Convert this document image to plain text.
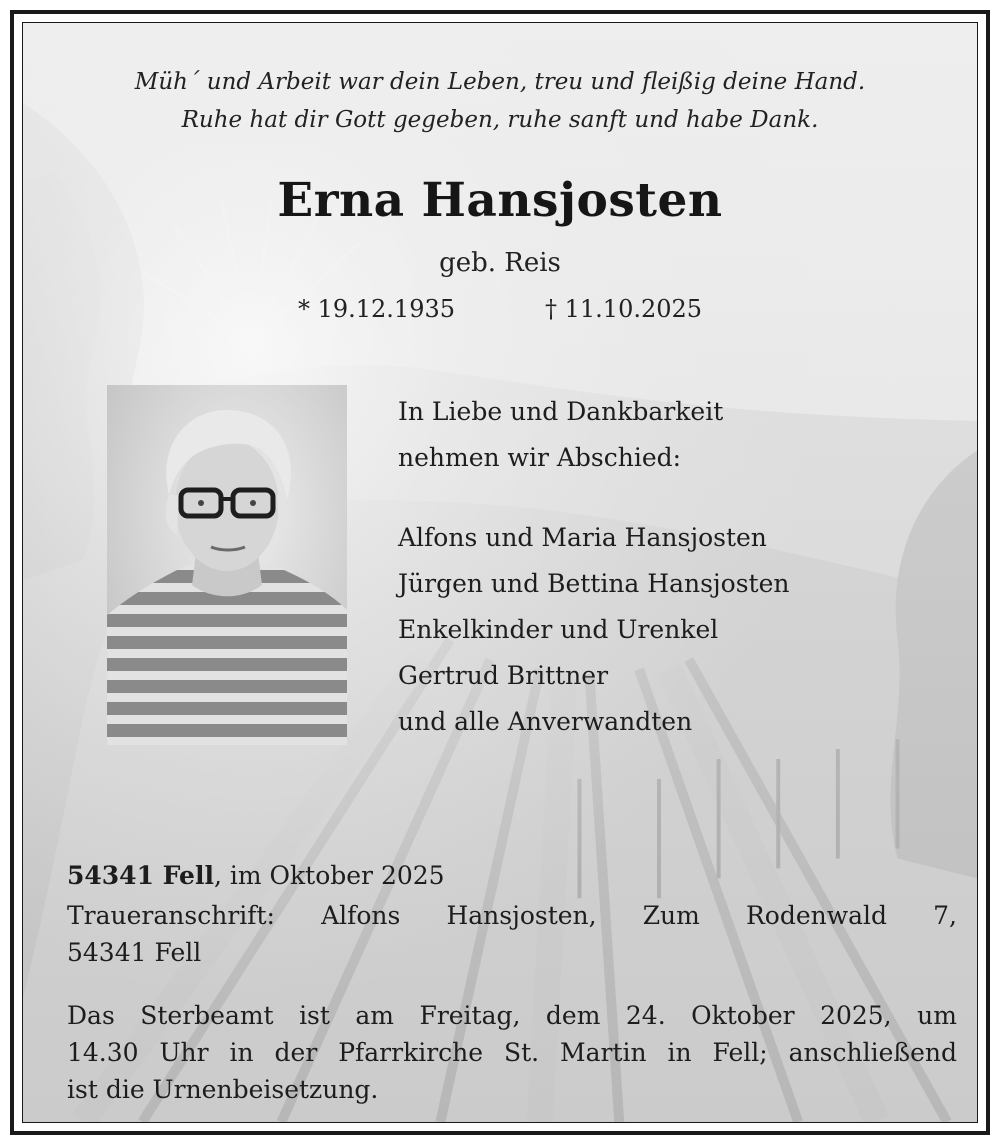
Müh´ und Arbeit war dein Leben, treu und fleißig deine Hand.
Ruhe hat dir Gott gegeben, ruhe sanft und habe Dank.
Erna Hansjosten
geb. Reis
* 19.12.1935	† 11.10.2025
In Liebe und Dankbarkeit
nehmen wir Abschied:
Alfons und Maria Hansjosten
Jürgen und Bettina Hansjosten
Enkelkinder und Urenkel
Gertrud Brittner
und alle Anverwandten
54341 Fell, im Oktober 2025
Traueranschrift: Alfons Hansjosten, Zum Rodenwald 7,
54341 Fell
Das Sterbeamt ist am Freitag, dem 24. Oktober 2025, um
14.30 Uhr in der Pfarrkirche St. Martin in Fell; anschließend
ist die Urnenbeisetzung.
